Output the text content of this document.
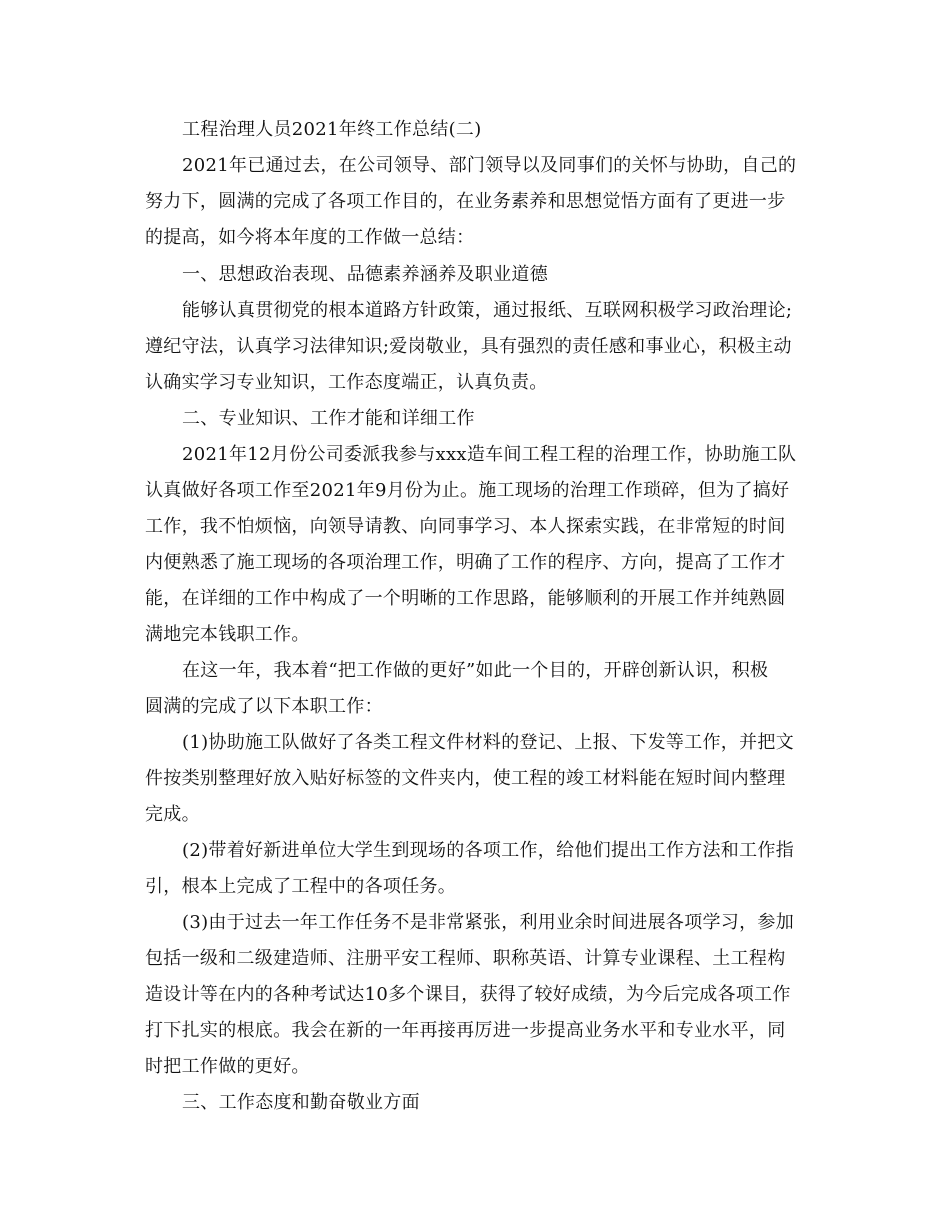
工程治理人员2021年终工作总结(二)
2021年已通过去，在公司领导、部门领导以及同事们的关怀与协助，自己的
努力下，圆满的完成了各项工作目的，在业务素养和思想觉悟方面有了更进一步
的提高，如今将本年度的工作做一总结：
一、思想政治表现、品德素养涵养及职业道德
能够认真贯彻党的根本道路方针政策，通过报纸、互联网积极学习政治理论;
遵纪守法，认真学习法律知识;爱岗敬业，具有强烈的责任感和事业心，积极主动
认确实学习专业知识，工作态度端正，认真负责。
二、专业知识、工作才能和详细工作
2021年12月份公司委派我参与xxx造车间工程工程的治理工作，协助施工队
认真做好各项工作至2021年9月份为止。施工现场的治理工作琐碎，但为了搞好
工作，我不怕烦恼，向领导请教、向同事学习、本人探索实践，在非常短的时间
内便熟悉了施工现场的各项治理工作，明确了工作的程序、方向，提高了工作才
能，在详细的工作中构成了一个明晰的工作思路，能够顺利的开展工作并纯熟圆
满地完本钱职工作。
在这一年，我本着“把工作做的更好”如此一个目的，开辟创新认识，积极
圆满的完成了以下本职工作：
(1)协助施工队做好了各类工程文件材料的登记、上报、下发等工作，并把文
件按类别整理好放入贴好标签的文件夹内，使工程的竣工材料能在短时间内整理
完成。
(2)带着好新进单位大学生到现场的各项工作，给他们提出工作方法和工作指
引，根本上完成了工程中的各项任务。
(3)由于过去一年工作任务不是非常紧张，利用业余时间进展各项学习，参加
包括一级和二级建造师、注册平安工程师、职称英语、计算专业课程、土工程构
造设计等在内的各种考试达10多个课目，获得了较好成绩，为今后完成各项工作
打下扎实的根底。我会在新的一年再接再厉进一步提高业务水平和专业水平，同
时把工作做的更好。
三、工作态度和勤奋敬业方面
